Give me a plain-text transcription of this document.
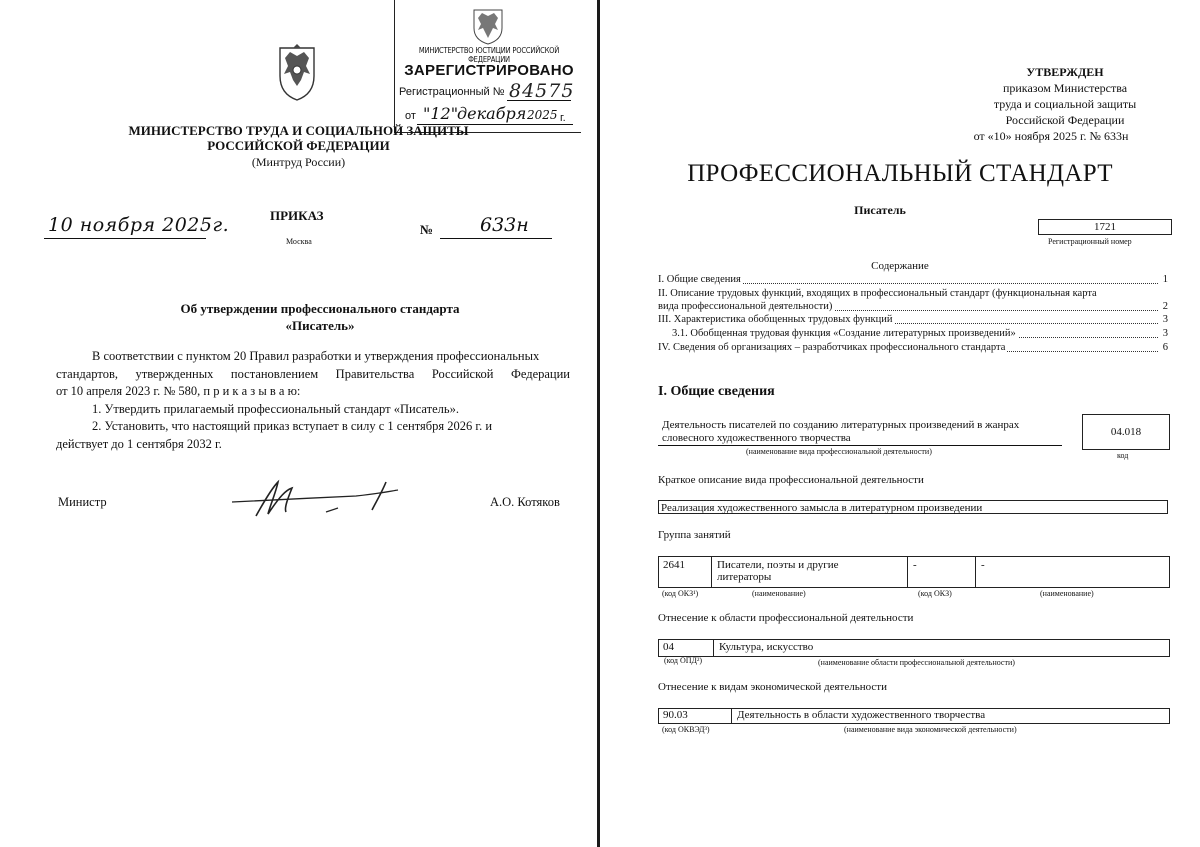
МИНИСТЕРСТВО ЮСТИЦИИ РОССИЙСКОЙ ФЕДЕРАЦИИ
ЗАРЕГИСТРИРОВАНО
Регистрационный № 84575
от "12"
декабря 2025 г.
МИНИСТЕРСТВО ТРУДА И СОЦИАЛЬНОЙ ЗАЩИТЫ
РОССИЙСКОЙ ФЕДЕРАЦИИ
(Минтруд России)
10 ноября 2025г.	ПРИКАЗ
Москва
№ 633н
Об утверждении профессионального стандарта
«Писатель»
В соответствии с пунктом 20 Правил разработки и утверждения профессиональных
стандартов, утвержденных постановлением Правительства Российской Федерации
от 10 апреля 2023 г. № 580, п р и к а з ы в а ю:
1. Утвердить прилагаемый профессиональный стандарт «Писатель».
2. Установить, что настоящий приказ вступает в силу с 1 сентября 2026 г. и
действует до 1 сентября 2032 г.
Министр	А.О. Котяков
УТВЕРЖДЕН
приказом Министерства
труда и социальной защиты
Российской Федерации
от «10» ноября 2025 г. № 633н
ПРОФЕССИОНАЛЬНЫЙ СТАНДАРТ
Писатель
1721
Регистрационный номер
Содержание
I. Общие сведения	1
II. Описание трудовых функций, входящих в профессиональный стандарт (функциональная карта
вида профессиональной деятельности)	2
III. Характеристика обобщенных трудовых функций	3
3.1. Обобщенная трудовая функция «Создание литературных произведений»	3
IV. Сведения об организациях – разработчиках профессионального стандарта	6
I. Общие сведения
Деятельность писателей по созданию литературных произведений в жанрах
словесного художественного творчества
(наименование вида профессиональной деятельности)
04.018
код
Краткое описание вида профессиональной деятельности
Реализация художественного замысла в литературном произведении
Группа занятий
2641	Писатели, поэты и другие
литераторы
-	-
(код ОКЗ¹)	(наименование)	(код ОКЗ)	(наименование)
Отнесение к области профессиональной деятельности
04	Культура, искусство
(код ОПД²)	(наименование области профессиональной деятельности)
Отнесение к видам экономической деятельности
90.03	Деятельность в области художественного творчества
(код ОКВЭД³)	(наименование вида экономической деятельности)
